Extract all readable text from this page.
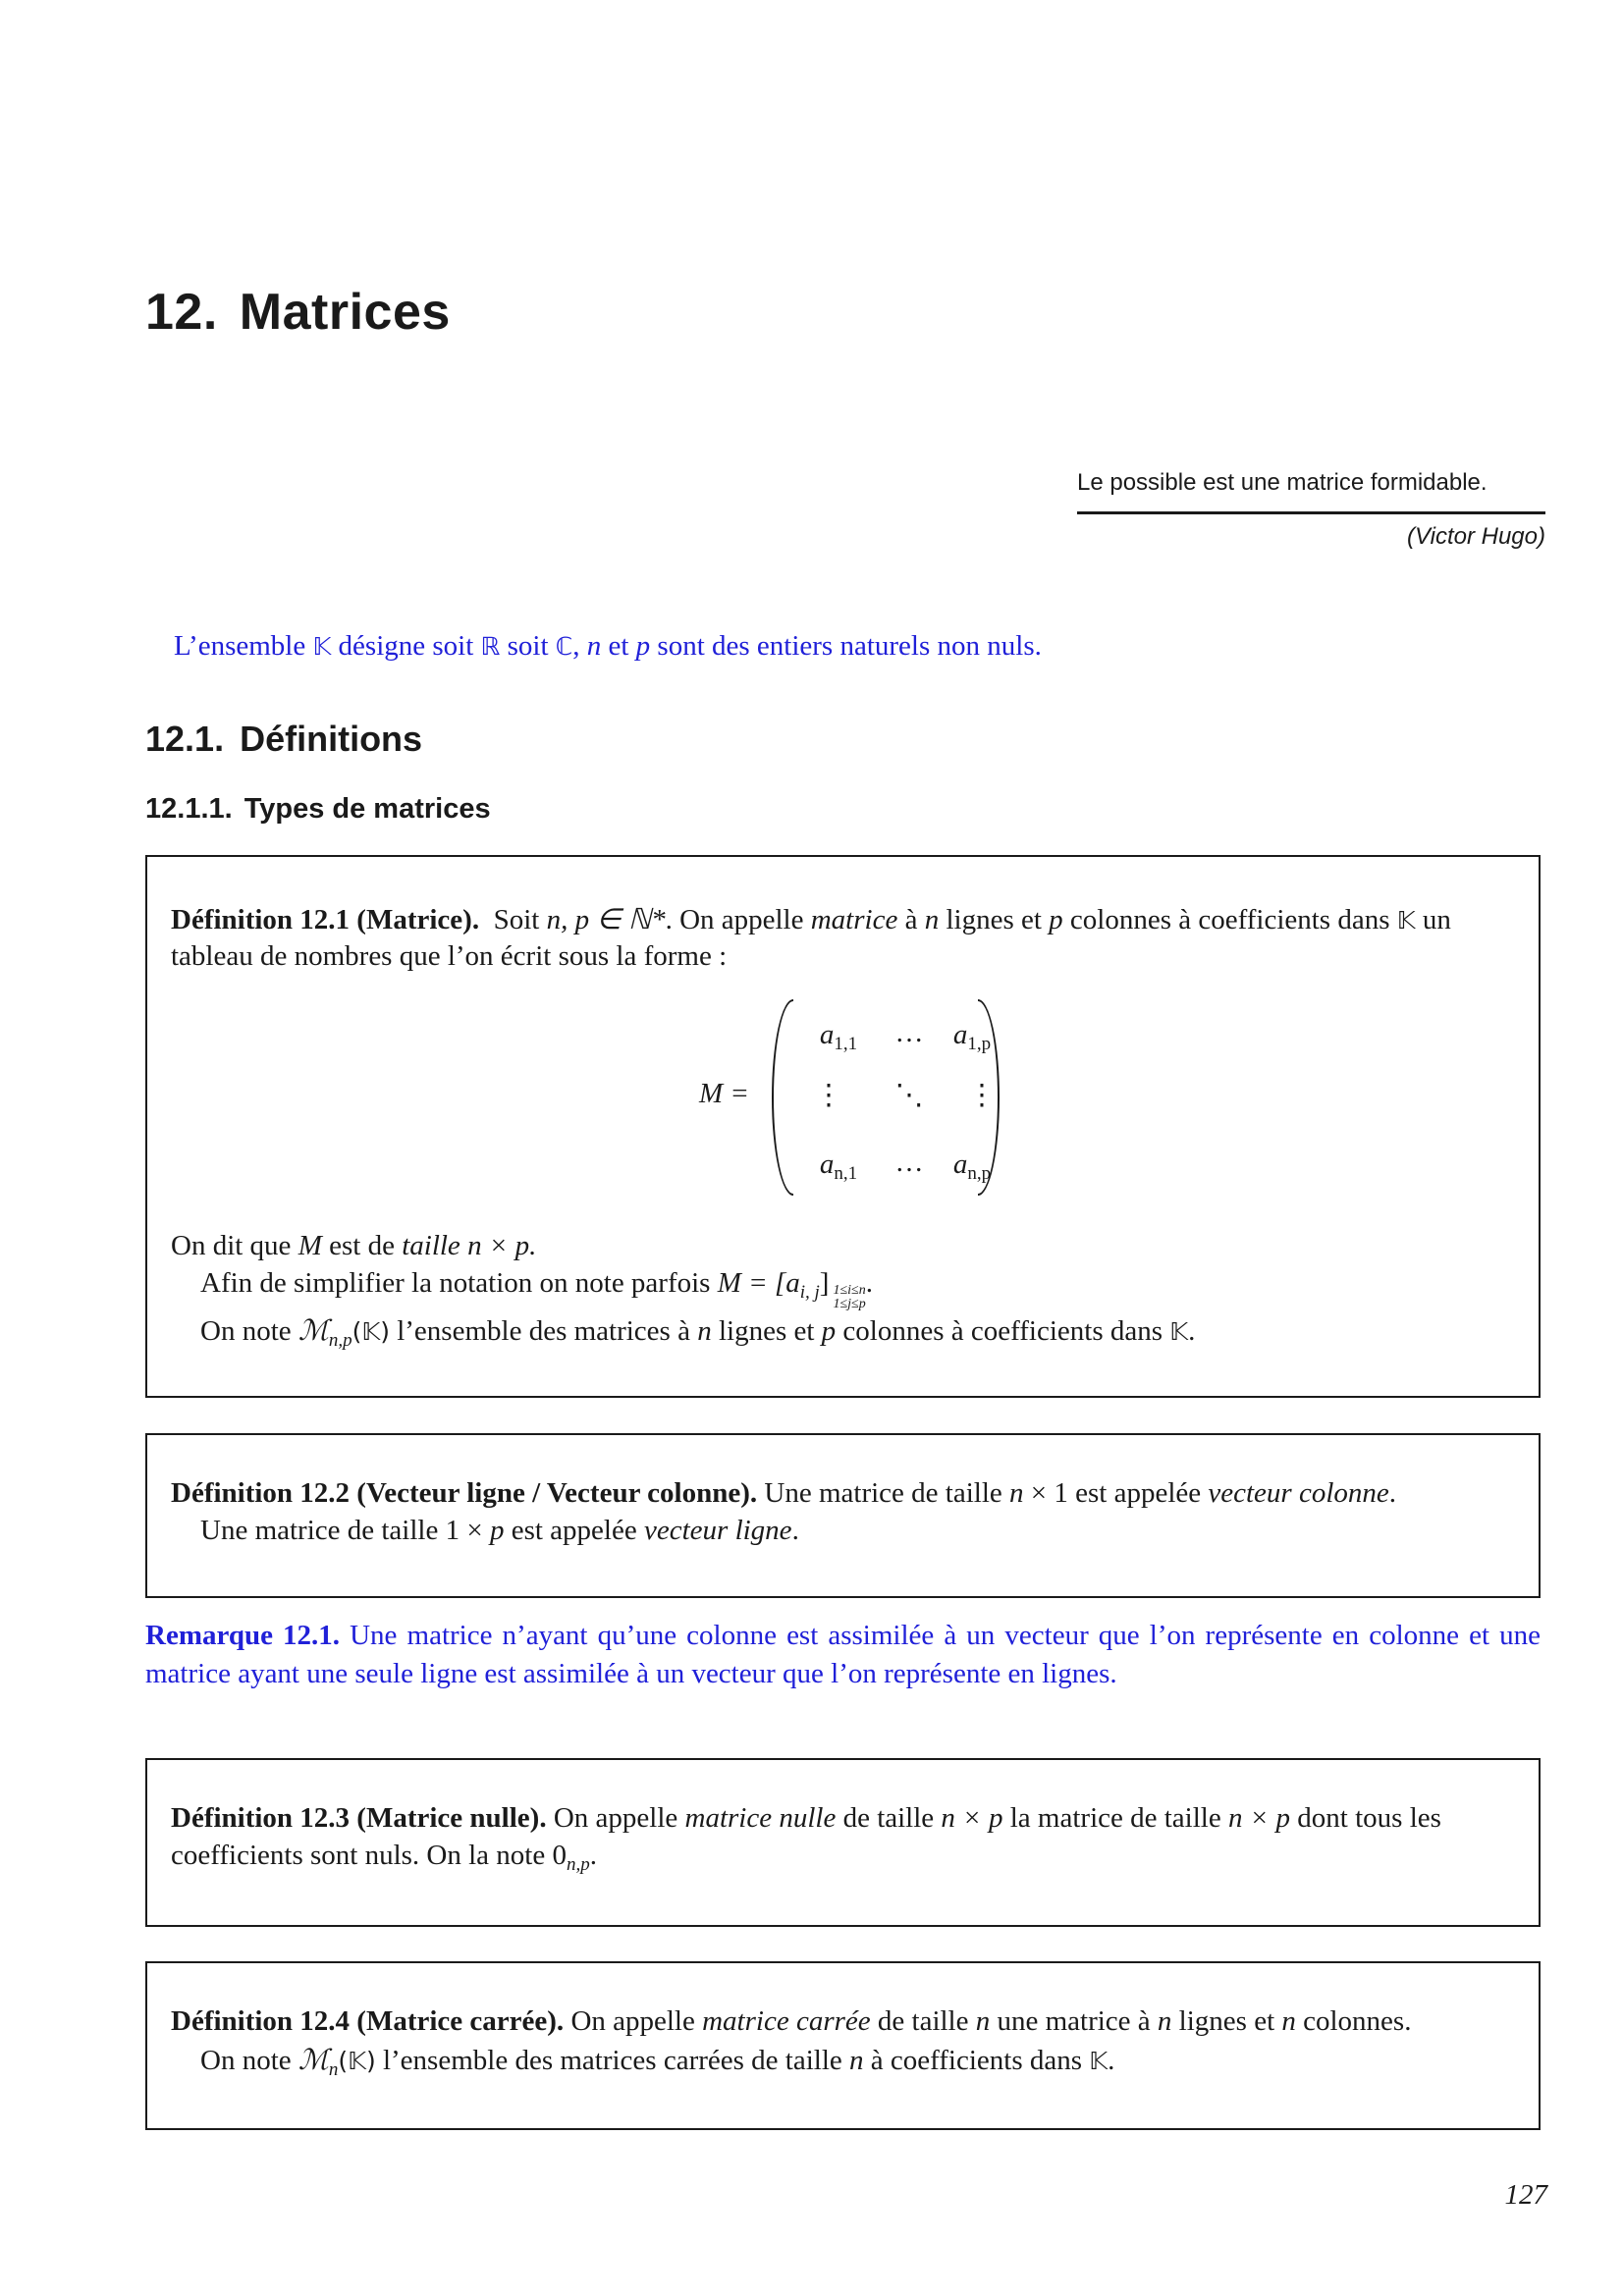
12. Matrices
Le possible est une matrice formidable.
(Victor Hugo)
L’ensemble 𝕂 désigne soit ℝ soit ℂ, n et p sont des entiers naturels non nuls.
12.1. Définitions
12.1.1. Types de matrices
Définition 12.1 (Matrice). Soit n, p ∈ ℕ*. On appelle matrice à n lignes et p colonnes à coefficients dans 𝕂 un
tableau de nombres que l’on écrit sous la forme :
M =
$a_{1,1}$	…	$a_{1,p}$
⋮	⋱	⋮
$a_{n,1}$	…	$a_{n,p}$
On dit que M est de taille n × p.
Afin de simplifier la notation on note parfois $M = [a_{i, j}]$ 1≤i≤n
1≤j≤p.
On note ℳ$_{n,p}$(𝕂) l’ensemble des matrices à n lignes et p colonnes à coefficients dans 𝕂.
Définition 12.2 (Vecteur ligne / Vecteur colonne). Une matrice de taille n × 1 est appelée vecteur colonne.
Une matrice de taille 1 × p est appelée vecteur ligne.
Remarque 12.1. Une matrice n’ayant qu’une colonne est assimilée à un vecteur que l’on représente en colonne et une matrice ayant une seule ligne est assimilée à un vecteur que l’on représente en lignes.
Définition 12.3 (Matrice nulle). On appelle matrice nulle de taille n × p la matrice de taille n × p dont tous les
coefficients sont nuls. On la note $0_{n,p}$.
Définition 12.4 (Matrice carrée). On appelle matrice carrée de taille n une matrice à n lignes et n colonnes.
On note ℳ$_n$(𝕂) l’ensemble des matrices carrées de taille n à coefficients dans 𝕂.
127
